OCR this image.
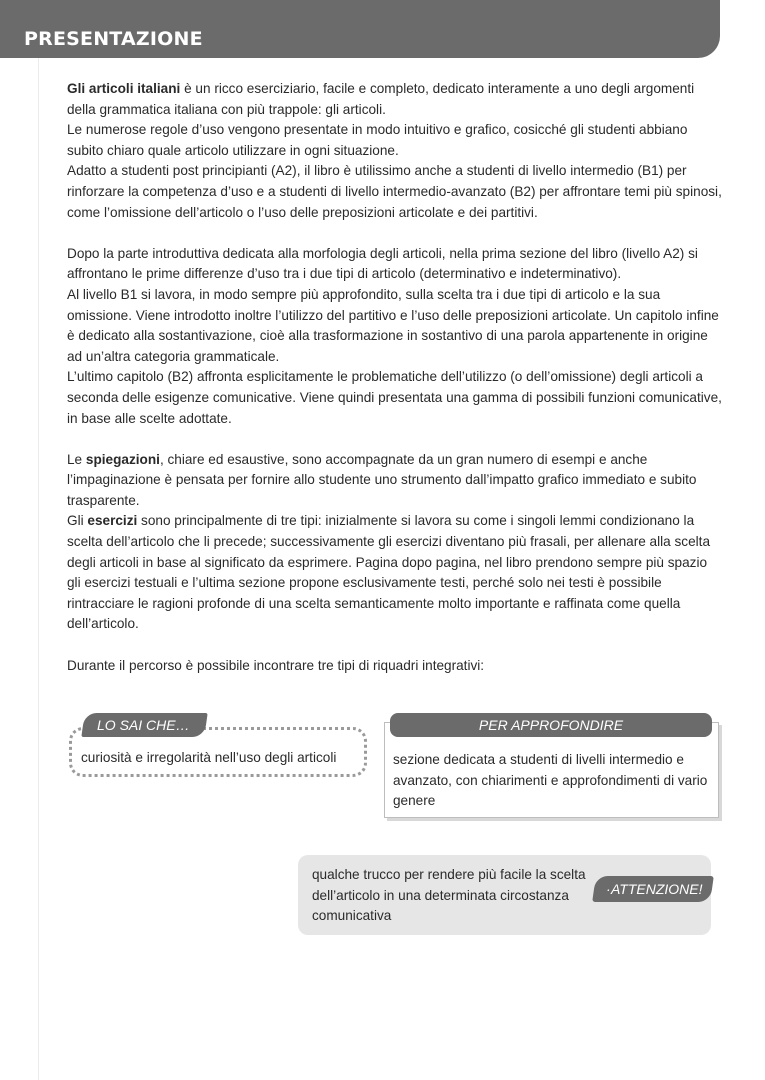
PRESENTAZIONE

Gli articoli italiani è un ricco eserciziario, facile e completo, dedicato interamente a uno degli argomenti della grammatica italiana con più trappole: gli articoli.

Le numerose regole d’uso vengono presentate in modo intuitivo e grafico, cosicché gli studenti abbiano subito chiaro quale articolo utilizzare in ogni situazione.

Adatto a studenti post principianti (A2), il libro è utilissimo anche a studenti di livello intermedio (B1) per rinforzare la competenza d’uso e a studenti di livello intermedio-avanzato (B2) per affrontare temi più spinosi, come l’omissione dell’articolo o l’uso delle preposizioni articolate e dei partitivi.

Dopo la parte introduttiva dedicata alla morfologia degli articoli, nella prima sezione del libro (livello A2) si affrontano le prime differenze d’uso tra i due tipi di articolo (determinativo e indeterminativo).

Al livello B1 si lavora, in modo sempre più approfondito, sulla scelta tra i due tipi di articolo e la sua omissione. Viene introdotto inoltre l’utilizzo del partitivo e l’uso delle preposizioni articolate. Un capitolo infine è dedicato alla sostantivazione, cioè alla trasformazione in sostantivo di una parola appartenente in origine ad un’altra categoria grammaticale.

L’ultimo capitolo (B2) affronta esplicitamente le problematiche dell’utilizzo (o dell’omissione) degli articoli a seconda delle esigenze comunicative. Viene quindi presentata una gamma di possibili funzioni comunicative, in base alle scelte adottate.

Le spiegazioni, chiare ed esaustive, sono accompagnate da un gran numero di esempi e anche l’impaginazione è pensata per fornire allo studente uno strumento dall’impatto grafico immediato e subito trasparente.

Gli esercizi sono principalmente di tre tipi: inizialmente si lavora su come i singoli lemmi condizionano la scelta dell’articolo che li precede; successivamente gli esercizi diventano più frasali, per allenare alla scelta degli articoli in base al significato da esprimere. Pagina dopo pagina, nel libro prendono sempre più spazio gli esercizi testuali e l’ultima sezione propone esclusivamente testi, perché solo nei testi è possibile rintracciare le ragioni profonde di una scelta semanticamente molto importante e raffinata come quella dell’articolo.

Durante il percorso è possibile incontrare tre tipi di riquadri integrativi:

LO SAI CHE…
curiosità e irregolarità nell’uso degli articoli
PER APPROFONDIRE
sezione dedicata a studenti di livelli intermedio e avanzato, con chiarimenti e approfondimenti di vario genere
qualche trucco per rendere più facile la scelta dell’articolo in una determinata circostanza comunicativa
·ATTENZIONE!
